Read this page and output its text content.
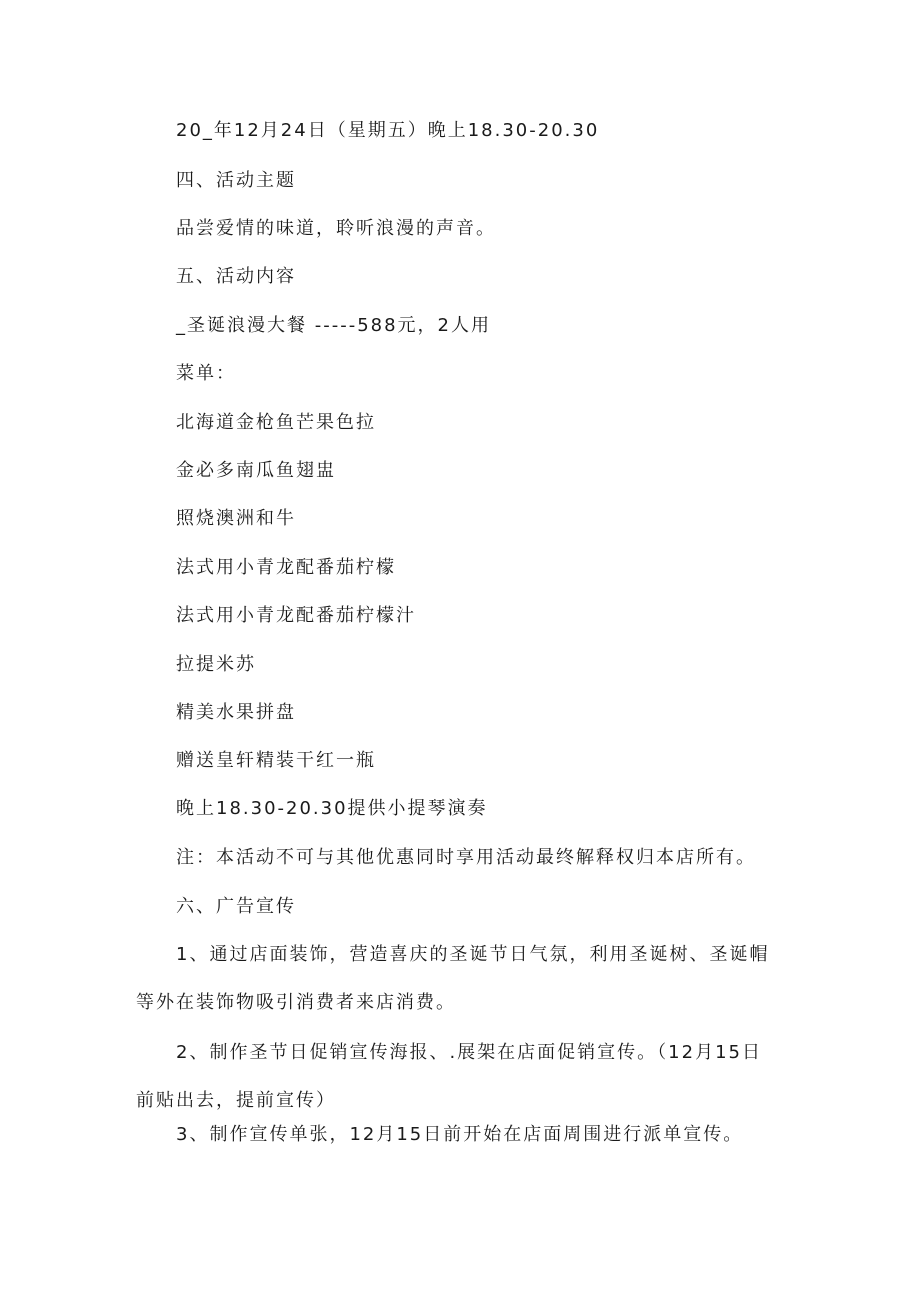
20_年12月24日（星期五）晚上18.30-20.30
四、活动主题
品尝爱情的味道，聆听浪漫的声音。
五、活动内容
_圣诞浪漫大餐 -----588元，2人用
菜单：
北海道金枪鱼芒果色拉
金必多南瓜鱼翅盅
照烧澳洲和牛
法式用小青龙配番茄柠檬
法式用小青龙配番茄柠檬汁
拉提米苏
精美水果拼盘
赠送皇轩精装干红一瓶
晚上18.30-20.30提供小提琴演奏
注：本活动不可与其他优惠同时享用活动最终解释权归本店所有。
六、广告宣传
1、通过店面装饰，营造喜庆的圣诞节日气氛，利用圣诞树、圣诞帽
等外在装饰物吸引消费者来店消费。
2、制作圣节日促销宣传海报、.展架在店面促销宣传。（12月15日
前贴出去，提前宣传）
3、制作宣传单张，12月15日前开始在店面周围进行派单宣传。
